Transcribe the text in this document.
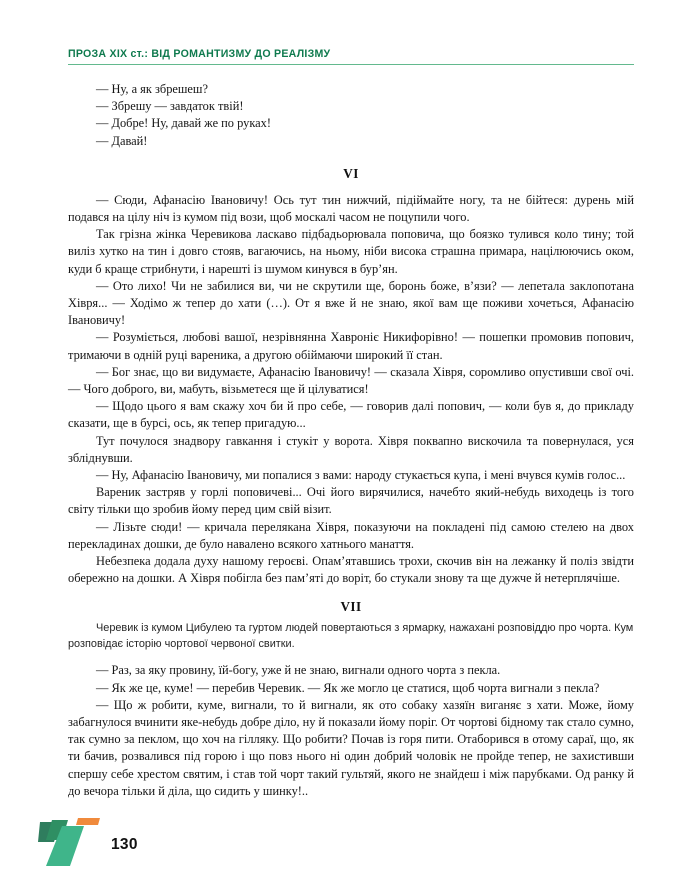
ПРОЗА XIX ст.: ВІД РОМАНТИЗМУ ДО РЕАЛІЗМУ
— Ну, а як збрешеш?
— Збрешу — завдаток твій!
— Добре! Ну, давай же по руках!
— Давай!
VI

— Сюди, Афанасію Івановичу! Ось тут тин нижчий, підіймайте ногу, та не бійтеся: дурень мій подався на цілу ніч із кумом під вози, щоб москалі часом не поцупили чого.

Так грізна жінка Черевикова ласкаво підбадьорювала поповича, що боязко тулився коло тину; той виліз хутко на тин і довго стояв, вагаючись, на ньому, ніби висока страшна примара, націлюючись оком, куди б краще стрибнути, і нарешті із шумом кинувся в бур’ян.

— Ото лихо! Чи не забилися ви, чи не скрутили ще, боронь боже, в’язи? — лепетала заклопотана Хівря... — Ходімо ж тепер до хати (…). От я вже й не знаю, якої вам ще поживи хочеться, Афанасію Івановичу!

— Розуміється, любові вашої, незрівнянна Хавроніє Никифорівно! — пошепки промовив попович, тримаючи в одній руці вареника, а другою обіймаючи широкий її стан.

— Бог знає, що ви видумаєте, Афанасію Івановичу! — сказала Хівря, соромливо опустивши свої очі. — Чого доброго, ви, мабуть, візьметеся ще й цілуватися!

— Щодо цього я вам скажу хоч би й про себе, — говорив далі попович, — коли був я, до прикладу сказати, ще в бурсі, ось, як тепер пригадую...

Тут почулося знадвору гавкання і стукіт у ворота. Хівря поквапно вискочила та повернулася, уся збліднувши.

— Ну, Афанасію Івановичу, ми попалися з вами: народу стукається купа, і мені вчувся кумів голос...

Вареник застряв у горлі поповичеві... Очі його вирячилися, начебто який-небудь виходець із того світу тільки що зробив йому перед цим свій візит.

— Лізьте сюди! — кричала перелякана Хівря, показуючи на покладені під самою стелею на двох перекладинах дошки, де було навалено всякого хатнього манаття.

Небезпека додала духу нашому героєві. Опам’ятавшись трохи, скочив він на лежанку й поліз звідти обережно на дошки. А Хівря побігла без пам’яті до воріт, бо стукали знову та ще дужче й нетерплячіше.

VII

Черевик із кумом Цибулею та гуртом людей повертаються з ярмарку, нажахані розповіддю про чорта. Кум розповідає історію чортової червоної свитки.

— Раз, за яку провину, їй-богу, уже й не знаю, вигнали одного чорта з пекла.

— Як же це, куме! — перебив Черевик. — Як же могло це статися, щоб чорта вигнали з пекла?

— Що ж робити, куме, вигнали, то й вигнали, як ото собаку хазяїн виганяє з хати. Може, йому забагнулося вчинити яке-небудь добре діло, ну й показали йому поріг. От чортові бідному так стало сумно, так сумно за пеклом, що хоч на гілляку. Що робити? Почав із горя пити. Отаборився в отому сараї, що, як ти бачив, розвалився під горою і що повз нього ні один добрий чоловік не пройде тепер, не захистивши спершу себе хрестом святим, і став той чорт такий гультяй, якого не знайдеш і між парубками. Од ранку й до вечора тільки й діла, що сидить у шинку!..

130
